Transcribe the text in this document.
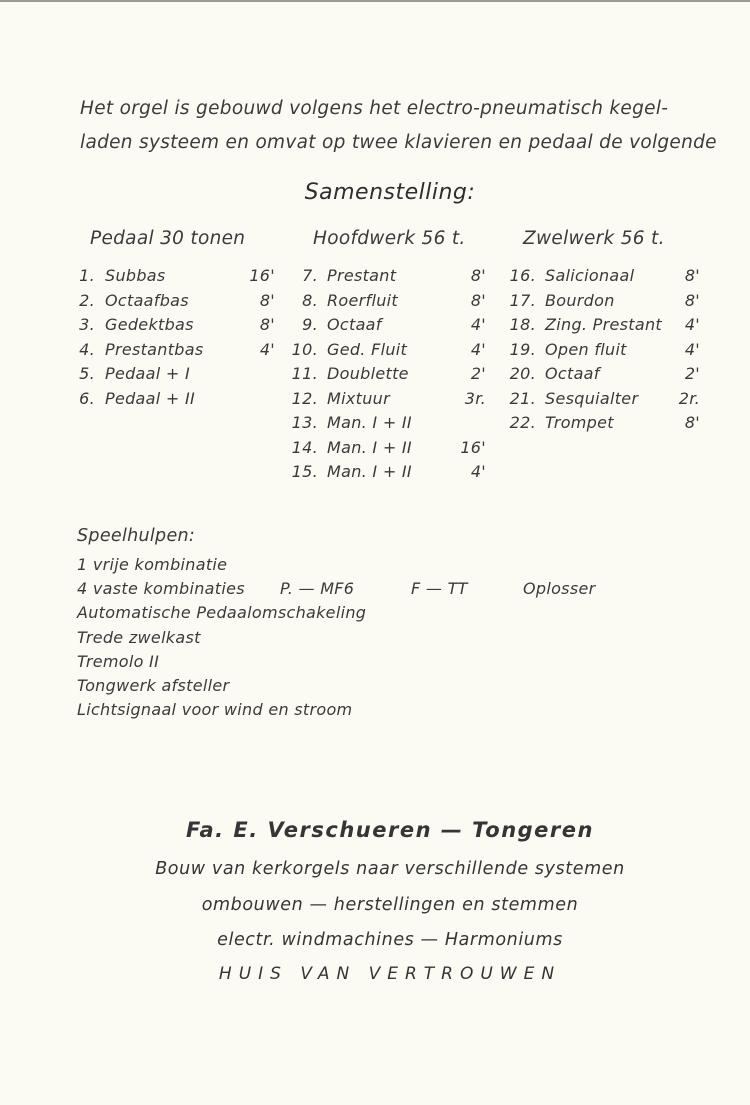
Het orgel is gebouwd volgens het electro-pneumatisch kegel-
laden systeem en omvat op twee klavieren en pedaal de volgende
Samenstelling:
Pedaal 30 tonen	Hoofdwerk 56 t.	Zwelwerk 56 t.
1. Subbas	16'
2. Octaafbas	8'
3. Gedektbas	8'
4. Prestantbas	4'
5. Pedaal + I
6. Pedaal + II
7. Prestant	8'
8. Roerfluit	8'
9. Octaaf	4'
10. Ged. Fluit	4'
11. Doublette	2'
12. Mixtuur	3r.
13. Man. I + II
14. Man. I + II	16'
15. Man. I + II	4'
16. Salicionaal	8'
17. Bourdon	8'
18. Zing. Prestant 4'
19. Open fluit	4'
20. Octaaf	2'
21. Sesquialter	2r.
22. Trompet	8'
Speelhulpen:
1 vrije kombinatie
4 vaste kombinaties P. — MF6	F — TT	Oplosser
Automatische Pedaalomschakeling
Trede zwelkast
Tremolo II
Tongwerk afsteller
Lichtsignaal voor wind en stroom
Fa. E. Verschueren — Tongeren
Bouw van kerkorgels naar verschillende systemen
ombouwen — herstellingen en stemmen
electr. windmachines — Harmoniums
HUIS VAN VERTROUWEN
